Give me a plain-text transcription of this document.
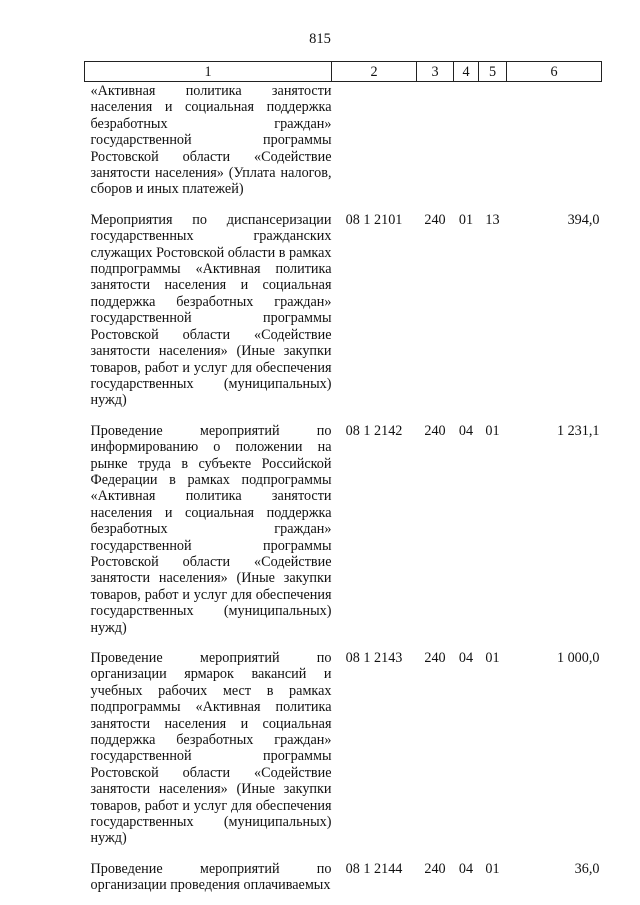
815
1	2	3	4	5	6
«Активная политика занятости населения и социальная поддержка безработных граждан» государственной программы Ростовской области «Содействие занятости населения» (Уплата налогов, сборов и иных платежей)					
Мероприятия по диспансеризации государственных гражданских служащих Ростовской области в рамках подпрограммы «Активная политика занятости населения и социальная поддержка безработных граждан» государственной программы Ростовской области «Содействие занятости населения» (Иные закупки товаров, работ и услуг для обеспечения государственных (муниципальных) нужд)	08 1 2101	240	01	13	394,0
Проведение мероприятий по информированию о положении на рынке труда в субъекте Российской Федерации в рамках подпрограммы «Активная политика занятости населения и социальная поддержка безработных граждан» государственной программы Ростовской области «Содействие занятости населения» (Иные закупки товаров, работ и услуг для обеспечения государственных (муниципальных) нужд)	08 1 2142	240	04	01	1 231,1
Проведение мероприятий по организации ярмарок вакансий и учебных рабочих мест в рамках подпрограммы «Активная политика занятости населения и социальная поддержка безработных граждан» государственной программы Ростовской области «Содействие занятости населения» (Иные закупки товаров, работ и услуг для обеспечения государственных (муниципальных) нужд)	08 1 2143	240	04	01	1 000,0
Проведение мероприятий по организации проведения оплачиваемых	08 1 2144	240	04	01	36,0
